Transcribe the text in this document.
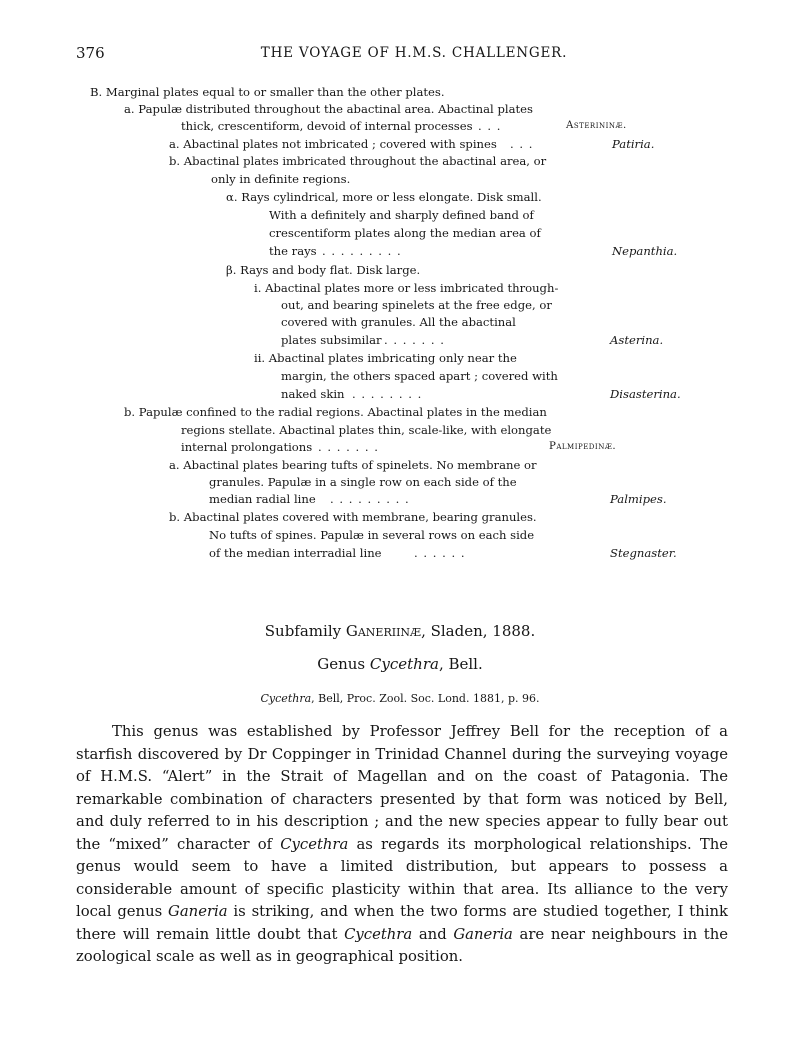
376	THE VOYAGE OF H.M.S. CHALLENGER.
B. Marginal plates equal to or smaller than the other plates.
a. Papulæ distributed throughout the abactinal area. Abactinal plates
thick, crescentiform, devoid of internal processes . . .	Asterininæ.
a. Abactinal plates not imbricated ; covered with spines . . .	Patiria.
b. Abactinal plates imbricated throughout the abactinal area, or
only in definite regions.
α. Rays cylindrical, more or less elongate. Disk small.
With a definitely and sharply defined band of
crescentiform plates along the median area of
the rays . . . . . . . . .	Nepanthia.
β. Rays and body flat. Disk large.
i. Abactinal plates more or less imbricated through-
out, and bearing spinelets at the free edge, or
covered with granules. All the abactinal
plates subsimilar . . . . . . .	Asterina.
ii. Abactinal plates imbricating only near the
margin, the others spaced apart ; covered with
naked skin . . . . . . . .	Disasterina.
b. Papulæ confined to the radial regions. Abactinal plates in the median
regions stellate. Abactinal plates thin, scale-like, with elongate
internal prolongations . . . . . . .	Palmipedinæ.
a. Abactinal plates bearing tufts of spinelets. No membrane or
granules. Papulæ in a single row on each side of the
median radial line . . . . . . . . .	Palmipes.
b. Abactinal plates covered with membrane, bearing granules.
No tufts of spines. Papulæ in several rows on each side
of the median interradial line	. . . . . .	Stegnaster.
Subfamily Ganeriinæ, Sladen, 1888.
Genus Cycethra, Bell.
Cycethra, Bell, Proc. Zool. Soc. Lond. 1881, p. 96.

This genus was established by Professor Jeffrey Bell for the reception of a starfish discovered by Dr Coppinger in Trinidad Channel during the surveying voyage of H.M.S. “Alert” in the Strait of Magellan and on the coast of Patagonia. The remarkable combination of characters presented by that form was noticed by Bell, and duly referred to in his description ; and the new species appear to fully bear out the “mixed” character of Cycethra as regards its morphological relationships. The genus would seem to have a limited distribution, but appears to possess a considerable amount of specific plasticity within that area. Its alliance to the very local genus Ganeria is striking, and when the two forms are studied together, I think there will remain little doubt that Cycethra and Ganeria are near neighbours in the zoological scale as well as in geographical position.
